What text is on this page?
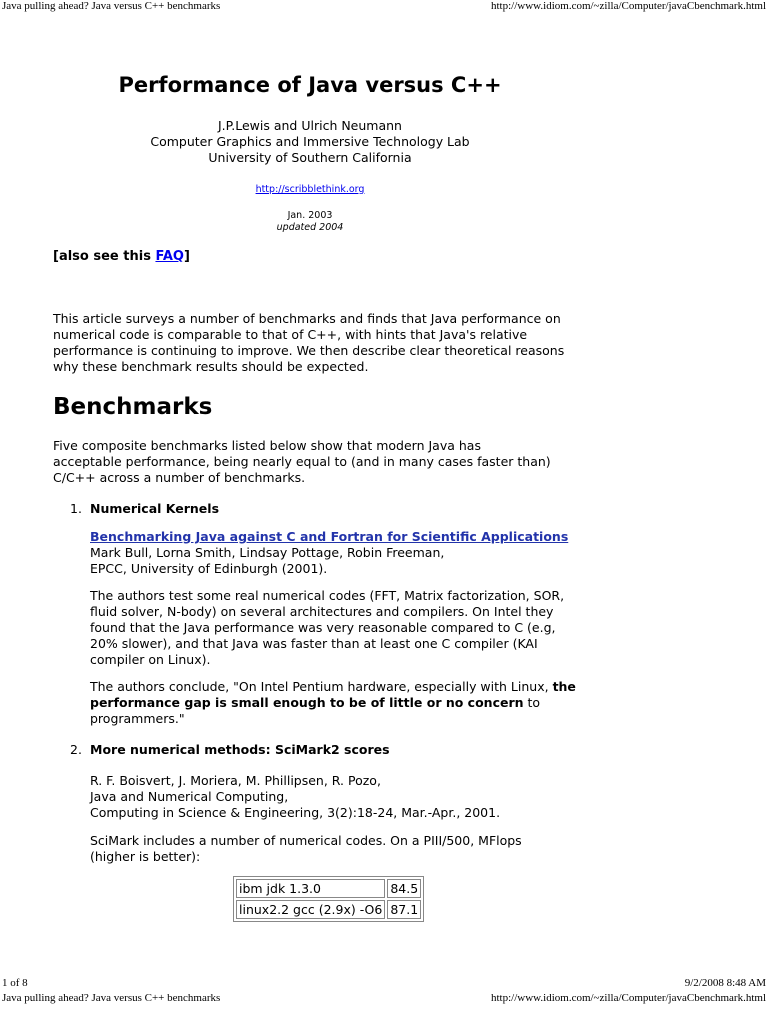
Java pulling ahead? Java versus C++ benchmarks	http://www.idiom.com/~zilla/Computer/javaCbenchmark.html
Performance of Java versus C++
J.P.Lewis and Ulrich Neumann
Computer Graphics and Immersive Technology Lab
University of Southern California
http://scribblethink.org
Jan. 2003
updated 2004
[also see this FAQ]

This article surveys a number of benchmarks and finds that Java performance on numerical code is comparable to that of C++, with hints that Java's relative performance is continuing to improve. We then describe clear theoretical reasons why these benchmark results should be expected.

Benchmarks

Five composite benchmarks listed below show that modern Java has acceptable performance, being nearly equal to (and in many cases faster than) C/C++ across a number of benchmarks.

1. Numerical Kernels
Benchmarking Java against C and Fortran for Scientific Applications
Mark Bull, Lorna Smith, Lindsay Pottage, Robin Freeman,
EPCC, University of Edinburgh (2001).

The authors test some real numerical codes (FFT, Matrix factorization, SOR, fluid solver, N-body) on several architectures and compilers. On Intel they found that the Java performance was very reasonable compared to C (e.g, 20% slower), and that Java was faster than at least one C compiler (KAI compiler on Linux).

The authors conclude, "On Intel Pentium hardware, especially with Linux, the performance gap is small enough to be of little or no concern to programmers."

2. More numerical methods: SciMark2 scores
R. F. Boisvert, J. Moriera, M. Phillipsen, R. Pozo,
Java and Numerical Computing,
Computing in Science & Engineering, 3(2):18-24, Mar.-Apr., 2001.

SciMark includes a number of numerical codes. On a PIII/500, MFlops (higher is better):

ibm jdk 1.3.0	84.5
linux2.2 gcc (2.9x) -O6	87.1
1 of 8	9/2/2008 8:48 AM
Java pulling ahead? Java versus C++ benchmarks	http://www.idiom.com/~zilla/Computer/javaCbenchmark.html
